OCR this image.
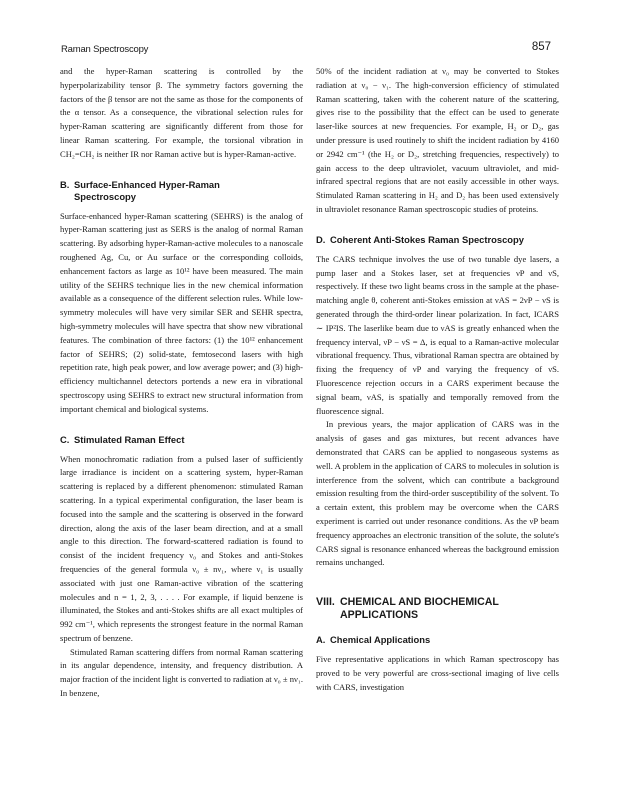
Raman Spectroscopy	857

and the hyper-Raman scattering is controlled by the hyperpolarizability tensor β. The symmetry factors governing the factors of the β tensor are not the same as those for the components of the α tensor. As a consequence, the vibrational selection rules for hyper-Raman scattering are significantly different from those for linear Raman scattering. For example, the torsional vibration in CH₂=CH₂ is neither IR nor Raman active but is hyper-Raman-active.

B. Surface-Enhanced Hyper-Raman
Spectroscopy

Surface-enhanced hyper-Raman scattering (SEHRS) is the analog of hyper-Raman scattering just as SERS is the analog of normal Raman scattering. By adsorbing hyper-Raman-active molecules to a nanoscale roughened Ag, Cu, or Au surface or the corresponding colloids, enhancement factors as large as 10¹² have been measured. The main utility of the SEHRS technique lies in the new chemical information available as a consequence of the different selection rules. While low-symmetry molecules will have very similar SER and SEHR spectra, high-symmetry molecules will have spectra that show new vibrational features. The combination of three factors: (1) the 10¹² enhancement factor of SEHRS; (2) solid-state, femtosecond lasers with high repetition rate, high peak power, and low average power; and (3) high-efficiency multichannel detectors portends a new era in vibrational spectroscopy using SEHRS to extract new structural information from important chemical and biological systems.

C. Stimulated Raman Effect

When monochromatic radiation from a pulsed laser of sufficiently large irradiance is incident on a scattering system, hyper-Raman scattering is replaced by a different phenomenon: stimulated Raman scattering. In a typical experimental configuration, the laser beam is focused into the sample and the scattering is observed in the forward direction, along the axis of the laser beam direction, and at a small angle to this direction. The forward-scattered radiation is found to consist of the incident frequency ν₀ and Stokes and anti-Stokes frequencies of the general formula ν₀ ± nν₁, where ν₁ is usually associated with just one Raman-active vibration of the scattering molecules and n = 1, 2, 3, . . . . For example, if liquid benzene is illuminated, the Stokes and anti-Stokes shifts are all exact multiples of 992 cm⁻¹, which represents the strongest feature in the normal Raman spectrum of benzene.

Stimulated Raman scattering differs from normal Raman scattering in its angular dependence, intensity, and frequency distribution. A major fraction of the incident light is converted to radiation at ν₀ ± nν₁. In benzene,

50% of the incident radiation at ν₀ may be converted to Stokes radiation at ν₀ − ν₁. The high-conversion efficiency of stimulated Raman scattering, taken with the coherent nature of the scattering, gives rise to the possibility that the effect can be used to generate laser-like sources at new frequencies. For example, H₂ or D₂, gas under pressure is used routinely to shift the incident radiation by 4160 or 2942 cm⁻¹ (the H₂ or D₂, stretching frequencies, respectively) to gain access to the deep ultraviolet, vacuum ultraviolet, and mid-infrared spectral regions that are not easily accessible in other ways. Stimulated Raman scattering in H₂ and D₂ has been used extensively in ultraviolet resonance Raman spectroscopic studies of proteins.

D. Coherent Anti-Stokes Raman Spectroscopy

The CARS technique involves the use of two tunable dye lasers, a pump laser and a Stokes laser, set at frequencies νP and νS, respectively. If these two light beams cross in the sample at the phase-matching angle θ, coherent anti-Stokes emission at νAS = 2νP − νS is generated through the third-order linear polarization. In fact, ICARS ∼ IP²IS. The laserlike beam due to νAS is greatly enhanced when the frequency interval, νP − νS = Δ, is equal to a Raman-active molecular vibrational frequency. Thus, vibrational Raman spectra are obtained by fixing the frequency of νP and varying the frequency of νS. Fluorescence rejection occurs in a CARS experiment because the signal beam, νAS, is spatially and temporally removed from the fluorescence signal.

In previous years, the major application of CARS was in the analysis of gases and gas mixtures, but recent advances have demonstrated that CARS can be applied to nongaseous systems as well. A problem in the application of CARS to molecules in solution is interference from the solvent, which can contribute a background emission resulting from the third-order susceptibility of the solvent. To a certain extent, this problem may be overcome when the CARS experiment is carried out under resonance conditions. As the νP beam frequency approaches an electronic transition of the solute, the solute's CARS signal is resonance enhanced whereas the background emission remains unchanged.

VIII. CHEMICAL AND BIOCHEMICAL
APPLICATIONS
A. Chemical Applications

Five representative applications in which Raman spectroscopy has proved to be very powerful are cross-sectional imaging of live cells with CARS, investigation
